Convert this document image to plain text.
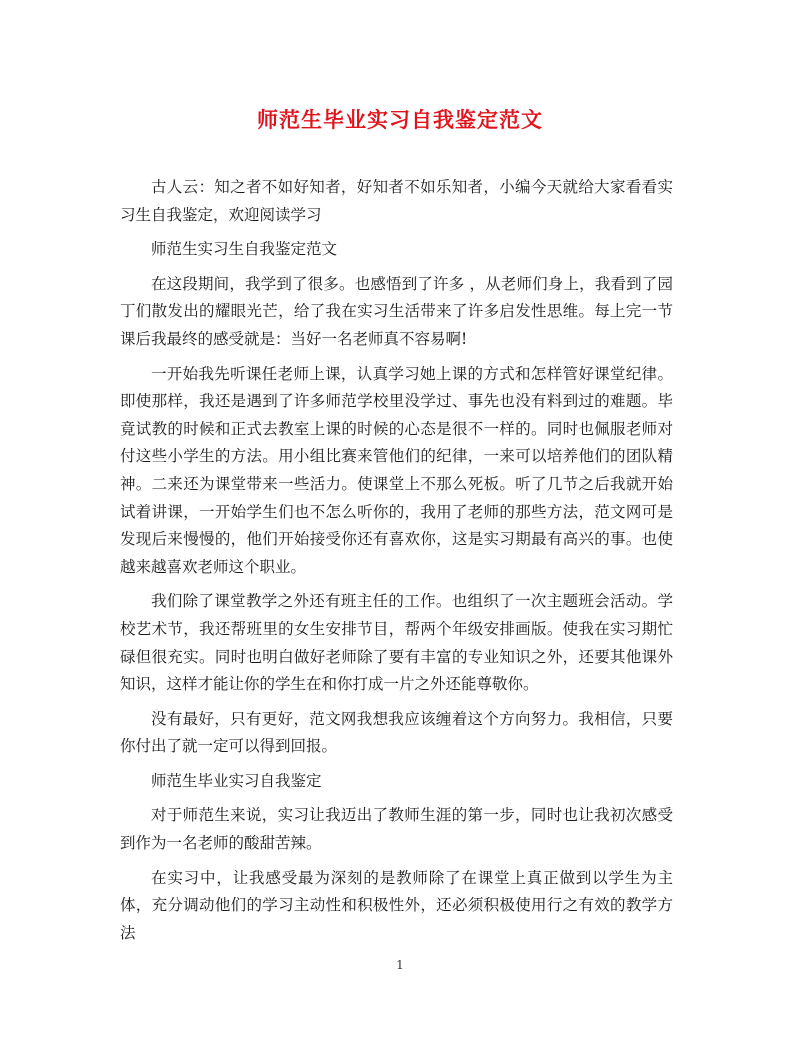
师范生毕业实习自我鉴定范文

古人云：知之者不如好知者，好知者不如乐知者，小编今天就给大家看看实习生自我鉴定，欢迎阅读学习

师范生实习生自我鉴定范文

在这段期间，我学到了很多。也感悟到了许多 ，从老师们身上，我看到了园丁们散发出的耀眼光芒，给了我在实习生活带来了许多启发性思维。每上完一节课后我最终的感受就是：当好一名老师真不容易啊!

一开始我先听课任老师上课，认真学习她上课的方式和怎样管好课堂纪律。即使那样，我还是遇到了许多师范学校里没学过、事先也没有料到过的难题。毕竟试教的时候和正式去教室上课的时候的心态是很不一样的。同时也佩服老师对付这些小学生的方法。用小组比赛来管他们的纪律，一来可以培养他们的团队精神。二来还为课堂带来一些活力。使课堂上不那么死板。听了几节之后我就开始试着讲课，一开始学生们也不怎么听你的，我用了老师的那些方法，范文网可是发现后来慢慢的，他们开始接受你还有喜欢你，这是实习期最有高兴的事。也使越来越喜欢老师这个职业。

我们除了课堂教学之外还有班主任的工作。也组织了一次主题班会活动。学校艺术节，我还帮班里的女生安排节目，帮两个年级安排画版。使我在实习期忙碌但很充实。同时也明白做好老师除了要有丰富的专业知识之外，还要其他课外知识，这样才能让你的学生在和你打成一片之外还能尊敬你。

没有最好，只有更好，范文网我想我应该缠着这个方向努力。我相信，只要你付出了就一定可以得到回报。

师范生毕业实习自我鉴定

对于师范生来说，实习让我迈出了教师生涯的第一步，同时也让我初次感受到作为一名老师的酸甜苦辣。

在实习中，让我感受最为深刻的是教师除了在课堂上真正做到以学生为主体，充分调动他们的学习主动性和积极性外，还必须积极使用行之有效的教学方法

1
